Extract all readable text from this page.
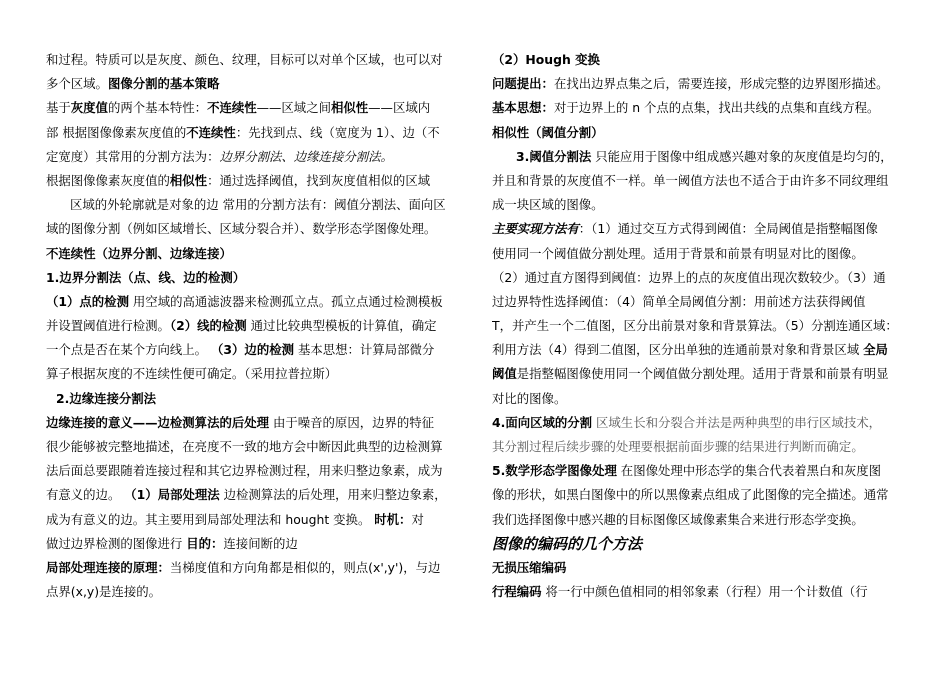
和过程。特质可以是灰度、颜色、纹理，目标可以对单个区域，也可以对
多个区域。图像分割的基本策略
基于灰度值的两个基本特性：不连续性——区域之间相似性——区域内
部 根据图像像素灰度值的不连续性：先找到点、线（宽度为 1）、边（不
定宽度）其常用的分割方法为：边界分割法、边缘连接分割法。
根据图像像素灰度值的相似性：通过选择阈值，找到灰度值相似的区域
区域的外轮廓就是对象的边 常用的分割方法有：阈值分割法、面向区
域的图像分割（例如区域增长、区域分裂合并）、数学形态学图像处理。
不连续性（边界分割、边缘连接）
1.边界分割法（点、线、边的检测）
（1）点的检测 用空域的高通滤波器来检测孤立点。孤立点通过检测模板
并设置阈值进行检测。（2）线的检测 通过比较典型模板的计算值，确定
一个点是否在某个方向线上。 （3）边的检测 基本思想：计算局部微分
算子根据灰度的不连续性便可确定。（采用拉普拉斯）
2.边缘连接分割法
边缘连接的意义——边检测算法的后处理 由于噪音的原因，边界的特征
很少能够被完整地描述，在亮度不一致的地方会中断因此典型的边检测算
法后面总要跟随着连接过程和其它边界检测过程，用来归整边象素，成为
有意义的边。 （1）局部处理法 边检测算法的后处理，用来归整边象素，
成为有意义的边。其主要用到局部处理法和 hought 变换。 时机：对
做过边界检测的图像进行 目的：连接间断的边
局部处理连接的原理：当梯度值和方向角都是相似的，则点(x',y')，与边
点界(x,y)是连接的。
（2）Hough 变换
问题提出：在找出边界点集之后，需要连接，形成完整的边界图形描述。
基本思想：对于边界上的 n 个点的点集，找出共线的点集和直线方程。
相似性（阈值分割）
3.阈值分割法 只能应用于图像中组成感兴趣对象的灰度值是均匀的，
并且和背景的灰度值不一样。单一阈值方法也不适合于由许多不同纹理组
成一块区域的图像。
主要实现方法有：（1）通过交互方式得到阈值：全局阈值是指整幅图像
使用同一个阈值做分割处理。适用于背景和前景有明显对比的图像。
（2）通过直方图得到阈值：边界上的点的灰度值出现次数较少。（3）通
过边界特性选择阈值：（4）简单全局阈值分割：用前述方法获得阈值
T，并产生一个二值图，区分出前景对象和背景算法。（5）分割连通区域：
利用方法（4）得到二值图，区分出单独的连通前景对象和背景区域 全局
阈值是指整幅图像使用同一个阈值做分割处理。适用于背景和前景有明显
对比的图像。
4.面向区域的分割 区域生长和分裂合并法是两种典型的串行区域技术，
其分割过程后续步骤的处理要根据前面步骤的结果进行判断而确定。
5.数学形态学图像处理 在图像处理中形态学的集合代表着黑白和灰度图
像的形状，如黑白图像中的所以黑像素点组成了此图像的完全描述。通常
我们选择图像中感兴趣的目标图像区域像素集合来进行形态学变换。
图像的编码的几个方法
无损压缩编码
行程编码 将一行中颜色值相同的相邻象素（行程）用一个计数值（行
